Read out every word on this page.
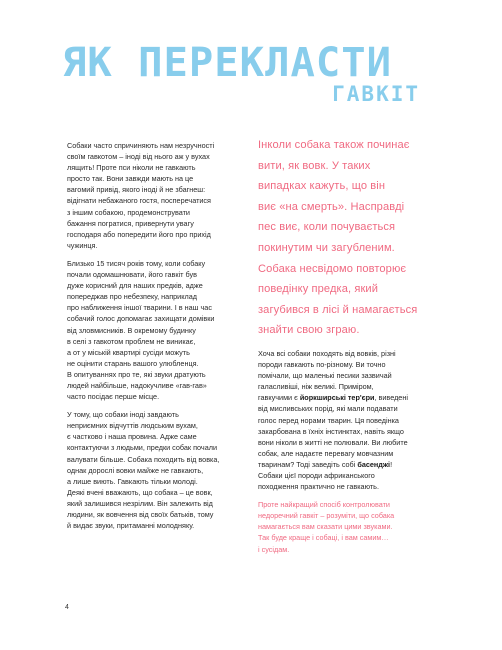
ЯК ПЕРЕКЛАСТИ
ГАВКІТ

Собаки часто спричиняють нам незручності
своїм гавкотом – іноді від нього аж у вухах
лящить! Проте пси ніколи не гавкають
просто так. Вони завжди мають на це
вагомий привід, якого іноді й не збагнеш:
відігнати небажаного гостя, посперечатися
з іншим собакою, продемонструвати
бажання погратися, привернути увагу
господаря або попередити його про прихід
чужинця.

Близько 15 тисяч років тому, коли собаку
почали одомашнювати, його гавкіт був
дуже корисний для наших предків, адже
попереджав про небезпеку, наприклад
про наближення іншої тварини. І в наш час
собачий голос допомагає захищати домівки
від зловмисників. В окремому будинку
в селі з гавкотом проблем не виникає,
а от у міській квартирі сусіди можуть
не оцінити старань вашого улюбленця.
В опитуваннях про те, які звуки дратують
людей найбільше, надокучливе «гав-гав»
часто посідає перше місце.

У тому, що собаки іноді завдають
неприємних відчуттів людським вухам,
є частково і наша провина. Адже саме
контактуючи з людьми, предки собак почали
валувати більше. Собака походить від вовка,
однак дорослі вовки майже не гавкають,
а лише виють. Гавкають тільки молоді.
Деякі вчені вважають, що собака – це вовк,
який залишився незрілим. Він залежить від
людини, як вовчення від своїх батьків, тому
й видає звуки, притаманні молодняку.

Інколи собака також починає
вити, як вовк. У таких
випадках кажуть, що він
виє «на смерть». Насправді
пес виє, коли почувається
покинутим чи загубленим.
Собака несвідомо повторює
поведінку предка, який
загубився в лісі й намагається
знайти свою зграю.

Хоча всі собаки походять від вовків, різні
породи гавкають по-різному. Ви точно
помічали, що маленькі песики зазвичай
галасливіші, ніж великі. Приміром,
гавкучими є йоркширські тер'єри, виведені
від мисливських порід, які мали подавати
голос перед норами тварин. Ця поведінка
закарбована в їхніх інстинктах, навіть якщо
вони ніколи в житті не полювали. Ви любите
собак, але надаєте перевагу мовчазним
тваринам? Тоді заведіть собі басенджі!
Собаки цієї породи африканського
походження практично не гавкають.

Проте найкращий спосіб контролювати
недоречний гавкіт – розуміти, що собака
намагається вам сказати цими звуками.
Так буде краще і собаці, і вам самим…
і сусідам.

4
